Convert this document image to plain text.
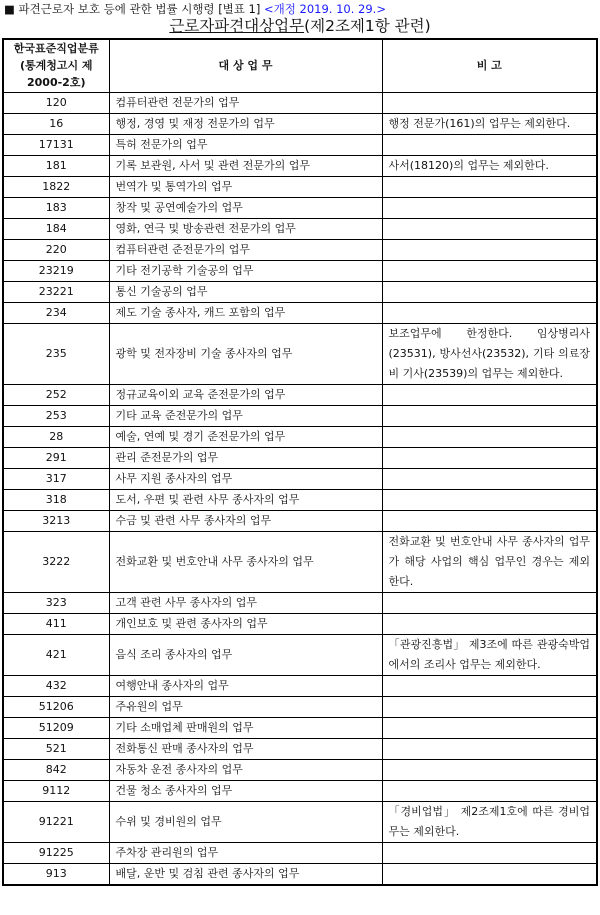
■ 파견근로자 보호 등에 관한 법률 시행령 [별표 1] <개정 2019. 10. 29.>
근로자파견대상업무(제2조제1항 관련)
한국표준직업분류 (통계청고시 제2000-2호)	대 상 업 무	비 고
120	컴퓨터관련 전문가의 업무	
16	행정, 경영 및 재정 전문가의 업무	행정 전문가(161)의 업무는 제외한다.
17131	특허 전문가의 업무	
181	기록 보관원, 사서 및 관련 전문가의 업무	사서(18120)의 업무는 제외한다.
1822	번역가 및 통역가의 업무	
183	창작 및 공연예술가의 업무	
184	영화, 연극 및 방송관련 전문가의 업무	
220	컴퓨터관련 준전문가의 업무	
23219	기타 전기공학 기술공의 업무	
23221	통신 기술공의 업무	
234	제도 기술 종사자, 캐드 포함의 업무	
235	광학 및 전자장비 기술 종사자의 업무	보조업무에 한정한다. 임상병리사(23531), 방사선사(23532), 기타 의료장비 기사(23539)의 업무는 제외한다.
252	정규교육이외 교육 준전문가의 업무	
253	기타 교육 준전문가의 업무	
28	예술, 연예 및 경기 준전문가의 업무	
291	관리 준전문가의 업무	
317	사무 지원 종사자의 업무	
318	도서, 우편 및 관련 사무 종사자의 업무	
3213	수금 및 관련 사무 종사자의 업무	
3222	전화교환 및 번호안내 사무 종사자의 업무	전화교환 및 번호안내 사무 종사자의 업무가 해당 사업의 핵심 업무인 경우는 제외한다.
323	고객 관련 사무 종사자의 업무	
411	개인보호 및 관련 종사자의 업무	
421	음식 조리 종사자의 업무	「관광진흥법」 제3조에 따른 관광숙박업에서의 조리사 업무는 제외한다.
432	여행안내 종사자의 업무	
51206	주유원의 업무	
51209	기타 소매업체 판매원의 업무	
521	전화통신 판매 종사자의 업무	
842	자동차 운전 종사자의 업무	
9112	건물 청소 종사자의 업무	
91221	수위 및 경비원의 업무	「경비업법」 제2조제1호에 따른 경비업무는 제외한다.
91225	주차장 관리원의 업무	
913	배달, 운반 및 검침 관련 종사자의 업무	
